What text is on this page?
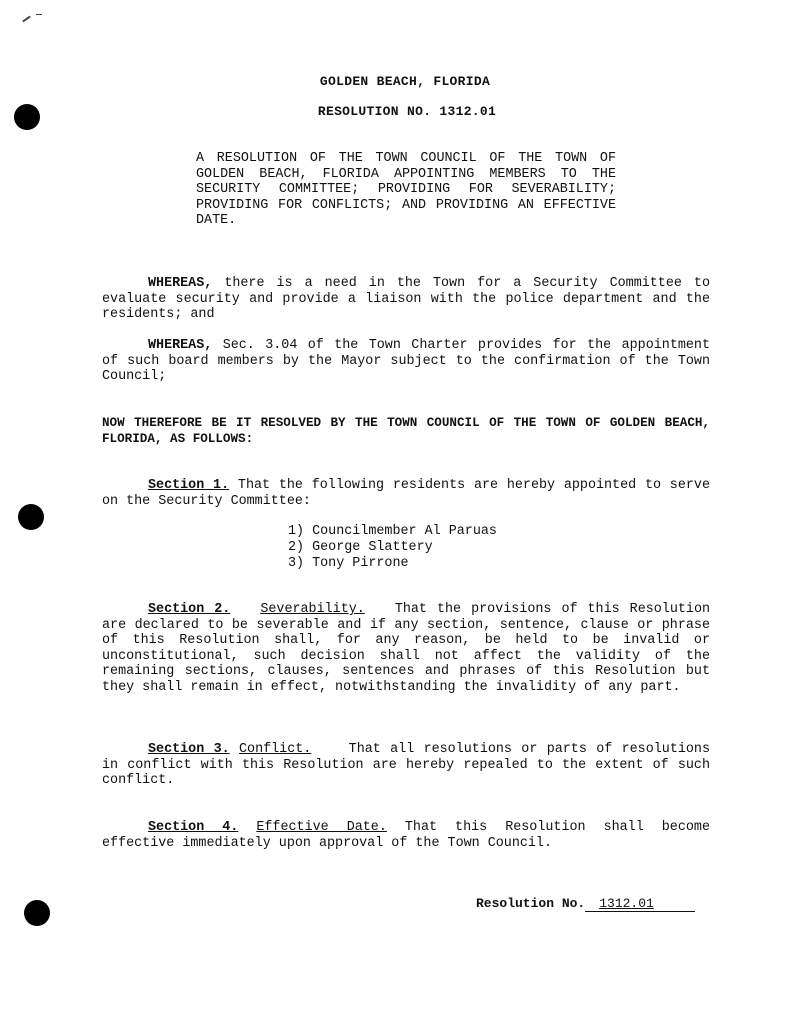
GOLDEN BEACH, FLORIDA
RESOLUTION NO. 1312.01
A RESOLUTION OF THE TOWN COUNCIL OF THE TOWN OF GOLDEN BEACH, FLORIDA APPOINTING MEMBERS TO THE SECURITY COMMITTEE; PROVIDING FOR SEVERABILITY; PROVIDING FOR CONFLICTS; AND PROVIDING AN EFFECTIVE DATE.
WHEREAS, there is a need in the Town for a Security Committee to evaluate security and provide a liaison with the police department and the residents; and
WHEREAS, Sec. 3.04 of the Town Charter provides for the appointment of such board members by the Mayor subject to the confirmation of the Town Council;
NOW THEREFORE BE IT RESOLVED BY THE TOWN COUNCIL OF THE TOWN OF GOLDEN BEACH, FLORIDA, AS FOLLOWS:
Section 1. That the following residents are hereby appointed to serve on the Security Committee:
1) Councilmember Al Paruas
2) George Slattery
3) Tony Pirrone
Section 2. Severability. That the provisions of this Resolution are declared to be severable and if any section, sentence, clause or phrase of this Resolution shall, for any reason, be held to be invalid or unconstitutional, such decision shall not affect the validity of the remaining sections, clauses, sentences and phrases of this Resolution but they shall remain in effect, notwithstanding the invalidity of any part.
Section 3. Conflict.	That all resolutions or parts of resolutions in conflict with this Resolution are hereby repealed to the extent of such conflict.
Section 4. Effective Date. That this Resolution shall become effective immediately upon approval of the Town Council.
Resolution No. 1312.01
